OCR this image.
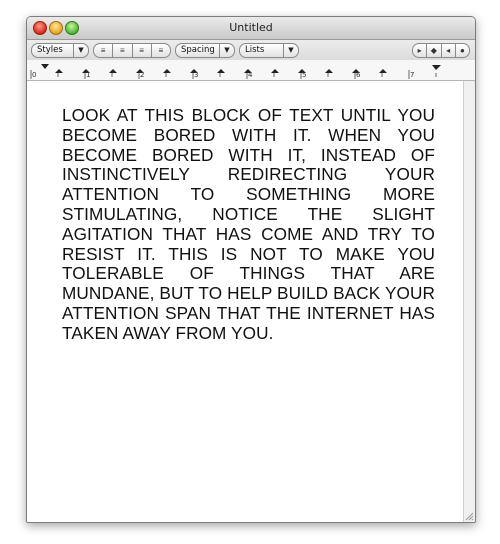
Untitled
Styles	▼	≡	≡	≡	≡	Spacing	▼	Lists	▼	▸	◆	◂	●
0	1	2	3	4	5	6	7
LOOK AT THIS BLOCK OF TEXT UNTIL YOU BECOME BORED WITH IT. WHEN YOU BECOME BORED WITH IT, INSTEAD OF INSTINCTIVELY REDIRECTING YOUR ATTENTION TO SOMETHING MORE STIMULATING, NOTICE THE SLIGHT AGITATION THAT HAS COME AND TRY TO RESIST IT. THIS IS NOT TO MAKE YOU TOLERABLE OF THINGS THAT ARE MUNDANE, BUT TO HELP BUILD BACK YOUR ATTENTION SPAN THAT THE INTERNET HAS TAKEN AWAY FROM YOU.
